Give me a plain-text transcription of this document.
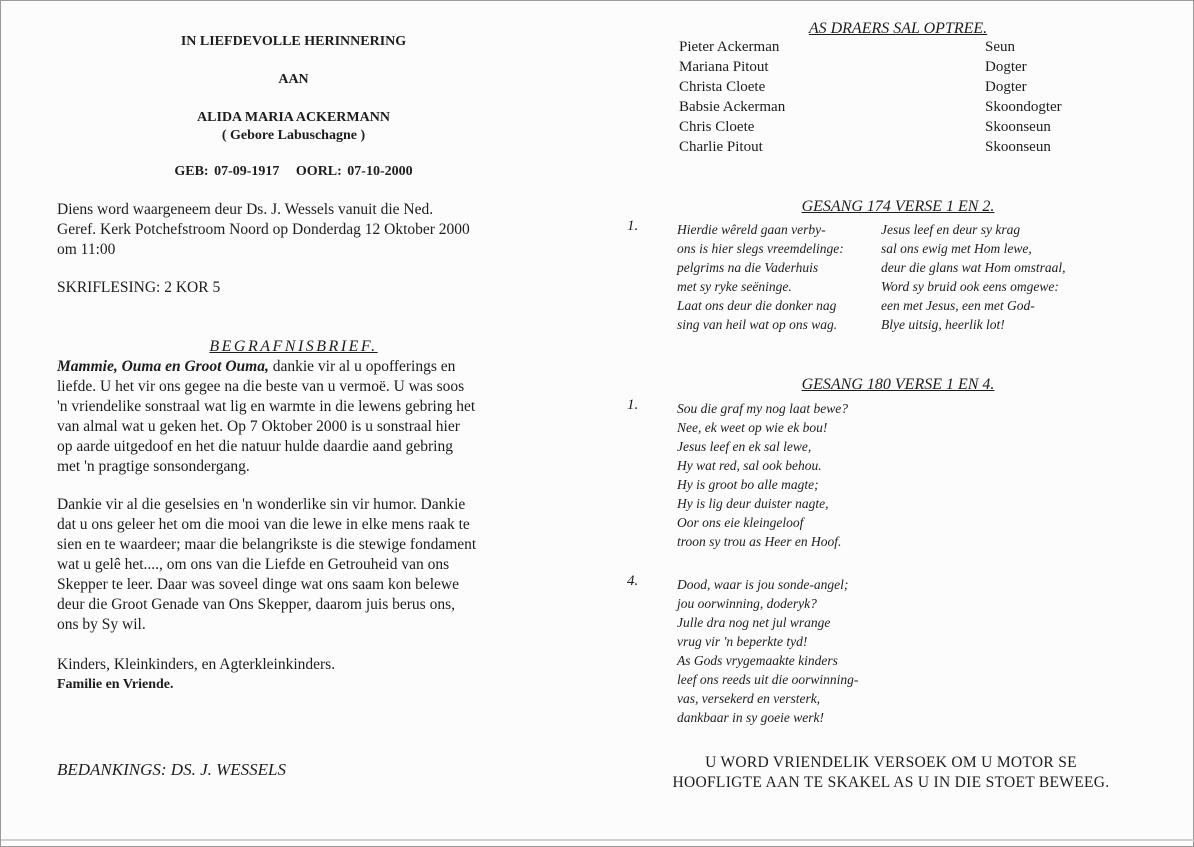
IN LIEFDEVOLLE HERINNERING
AAN
ALIDA MARIA ACKERMANN
( Gebore Labuschagne )
GEB: 07-09-1917   OORL: 07-10-2000
Diens word waargeneem deur Ds. J. Wessels vanuit die Ned.
Geref. Kerk Potchefstroom Noord op Donderdag 12 Oktober 2000
om 11:00
SKRIFLESING: 2 KOR 5
BEGRAFNISBRIEF.
Mammie, Ouma en Groot Ouma, dankie vir al u opofferings en
liefde. U het vir ons gegee na die beste van u vermoë. U was soos
'n vriendelike sonstraal wat lig en warmte in die lewens gebring het
van almal wat u geken het. Op 7 Oktober 2000 is u sonstraal hier
op aarde uitgedoof en het die natuur hulde daardie aand gebring
met 'n pragtige sonsondergang.
Dankie vir al die geselsies en 'n wonderlike sin vir humor. Dankie
dat u ons geleer het om die mooi van die lewe in elke mens raak te
sien en te waardeer; maar die belangrikste is die stewige fondament
wat u gelê het...., om ons van die Liefde en Getrouheid van ons
Skepper te leer. Daar was soveel dinge wat ons saam kon belewe
deur die Groot Genade van Ons Skepper, daarom juis berus ons,
ons by Sy wil.
Kinders, Kleinkinders, en Agterkleinkinders.
Familie en Vriende.
BEDANKINGS: DS. J. WESSELS
AS DRAERS SAL OPTREE.
Pieter Ackerman	Seun
Mariana Pitout	Dogter
Christa Cloete	Dogter
Babsie Ackerman	Skoondogter
Chris Cloete	Skoonseun
Charlie Pitout	Skoonseun
GESANG 174 VERSE 1 EN 2.
1.	Hierdie wêreld gaan verby-
ons is hier slegs vreemdelinge:
pelgrims na die Vaderhuis
met sy ryke seëninge.
Laat ons deur die donker nag
sing van heil wat op ons wag.
Jesus leef en deur sy krag
sal ons ewig met Hom lewe,
deur die glans wat Hom omstraal,
Word sy bruid ook eens omgewe:
een met Jesus, een met God-
Blye uitsig, heerlik lot!
GESANG 180 VERSE 1 EN 4.
1.	Sou die graf my nog laat bewe?
Nee, ek weet op wie ek bou!
Jesus leef en ek sal lewe,
Hy wat red, sal ook behou.
Hy is groot bo alle magte;
Hy is lig deur duister nagte,
Oor ons eie kleingeloof
troon sy trou as Heer en Hoof.
4.	Dood, waar is jou sonde-angel;
jou oorwinning, doderyk?
Julle dra nog net jul wrange
vrug vir 'n beperkte tyd!
As Gods vrygemaakte kinders
leef ons reeds uit die oorwinning-
vas, versekerd en versterk,
dankbaar in sy goeie werk!
U WORD VRIENDELIK VERSOEK OM U MOTOR SE
HOOFLIGTE AAN TE SKAKEL AS U IN DIE STOET BEWEEG.
